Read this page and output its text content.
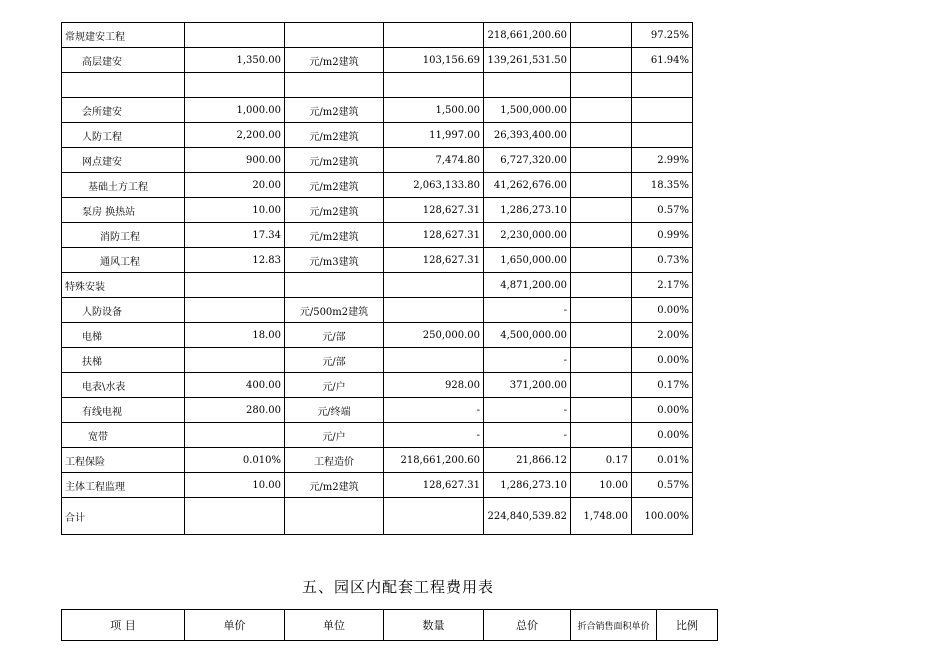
常规建安工程				218,661,200.60		97.25%
高层建安	1,350.00	元/m2建筑	103,156.69	139,261,531.50		61.94%

会所建安	1,000.00	元/m2建筑	1,500.00	1,500,000.00		
人防工程	2,200.00	元/m2建筑	11,997.00	26,393,400.00		
网点建安	900.00	元/m2建筑	7,474.80	6,727,320.00		2.99%
基础土方工程	20.00	元/m2建筑	2,063,133.80	41,262,676.00		18.35%
泵房 换热站	10.00	元/m2建筑	128,627.31	1,286,273.10		0.57%
消防工程	17.34	元/m2建筑	128,627.31	2,230,000.00		0.99%
通风工程	12.83	元/m3建筑	128,627.31	1,650,000.00		0.73%
特殊安装				4,871,200.00		2.17%
人防设备		元/500m2建筑		-		0.00%
电梯	18.00	元/部	250,000.00	4,500,000.00		2.00%
扶梯		元/部		-		0.00%
电表\水表	400.00	元/户	928.00	371,200.00		0.17%
有线电视	280.00	元/终端	-	-		0.00%
宽带		元/户	-	-		0.00%
工程保险	0.010%	工程造价	218,661,200.60	21,866.12	0.17	0.01%
主体工程监理	10.00	元/m2建筑	128,627.31	1,286,273.10	10.00	0.57%
合计				224,840,539.82	1,748.00	100.00%
五、园区内配套工程费用表
项 目	单价	单位	数量	总价	折合销售面积单价	比例
